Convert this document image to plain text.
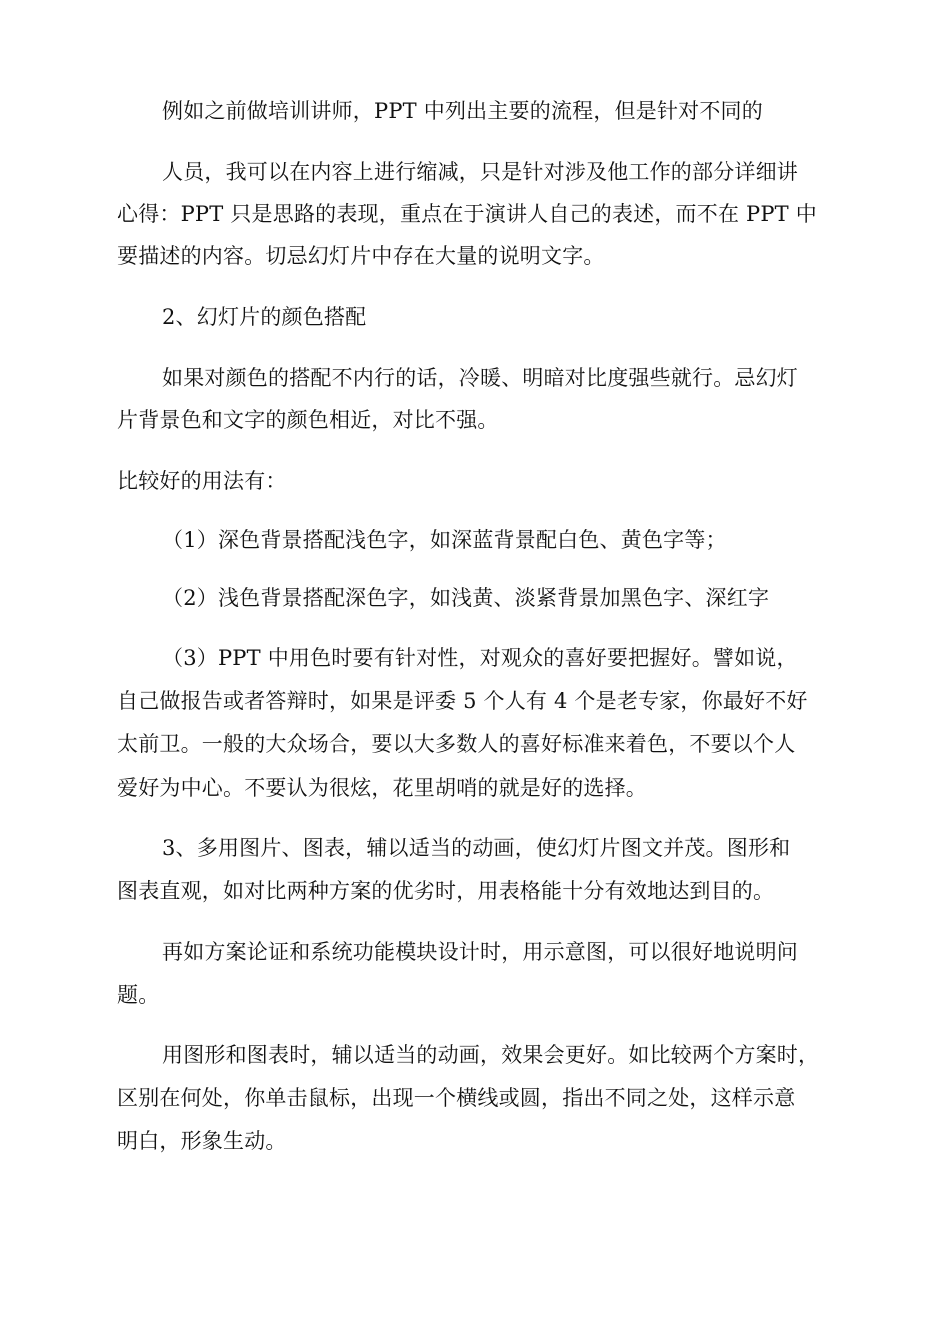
例如之前做培训讲师，PPT 中列出主要的流程，但是针对不同的
人员，我可以在内容上进行缩减，只是针对涉及他工作的部分详细讲
心得：PPT 只是思路的表现，重点在于演讲人自己的表述，而不在 PPT 中
要描述的内容。切忌幻灯片中存在大量的说明文字。
2、幻灯片的颜色搭配
如果对颜色的搭配不内行的话，冷暖、明暗对比度强些就行。忌幻灯
片背景色和文字的颜色相近，对比不强。
比较好的用法有：
（1）深色背景搭配浅色字，如深蓝背景配白色、黄色字等；
（2）浅色背景搭配深色字，如浅黄、淡紧背景加黑色字、深红字
（3）PPT 中用色时要有针对性，对观众的喜好要把握好。譬如说，
自己做报告或者答辩时，如果是评委 5 个人有 4 个是老专家，你最好不好
太前卫。一般的大众场合，要以大多数人的喜好标准来着色，不要以个人
爱好为中心。不要认为很炫，花里胡哨的就是好的选择。
3、多用图片、图表，辅以适当的动画，使幻灯片图文并茂。图形和
图表直观，如对比两种方案的优劣时，用表格能十分有效地达到目的。
再如方案论证和系统功能模块设计时，用示意图，可以很好地说明问
题。
用图形和图表时，辅以适当的动画，效果会更好。如比较两个方案时，
区别在何处，你单击鼠标，出现一个横线或圆，指出不同之处，这样示意
明白，形象生动。
